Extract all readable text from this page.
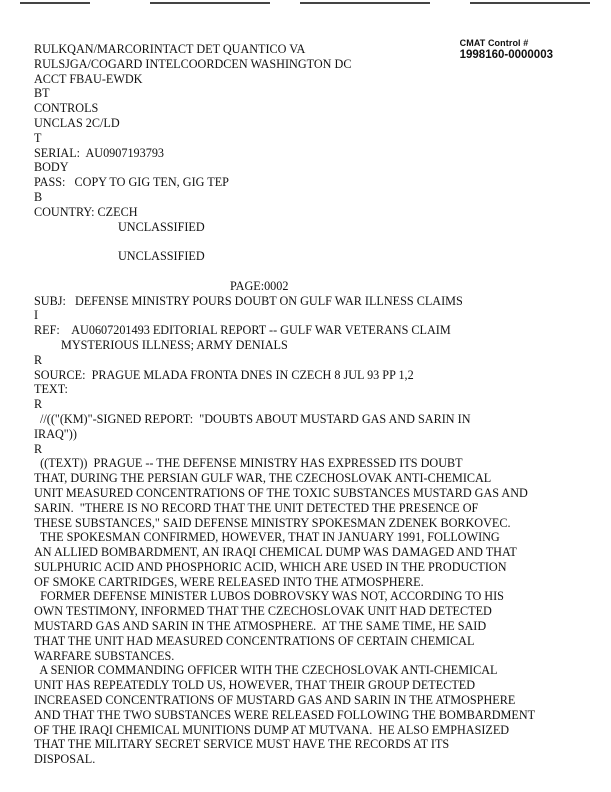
CMAT Control #
1998160-0000003
RULKQAN/MARCORINTACT DET QUANTICO VA
RULSJGA/COGARD INTELCOORDCEN WASHINGTON DC
ACCT FBAU-EWDK
BT
CONTROLS
UNCLAS 2C/LD
T
SERIAL:  AU0907193793
BODY
PASS:   COPY TO GIG TEN, GIG TEP
B
COUNTRY: CZECH
UNCLASSIFIED
UNCLASSIFIED
PAGE:0002
SUBJ:   DEFENSE MINISTRY POURS DOUBT ON GULF WAR ILLNESS CLAIMS
I
REF:    AU0607201493 EDITORIAL REPORT -- GULF WAR VETERANS CLAIM
MYSTERIOUS ILLNESS; ARMY DENIALS
R
SOURCE:  PRAGUE MLADA FRONTA DNES IN CZECH 8 JUL 93 PP 1,2
TEXT:
R
//(("(KM)"-SIGNED REPORT:  "DOUBTS ABOUT MUSTARD GAS AND SARIN IN
IRAQ"))
R
((TEXT))  PRAGUE -- THE DEFENSE MINISTRY HAS EXPRESSED ITS DOUBT
THAT, DURING THE PERSIAN GULF WAR, THE CZECHOSLOVAK ANTI-CHEMICAL
UNIT MEASURED CONCENTRATIONS OF THE TOXIC SUBSTANCES MUSTARD GAS AND
SARIN.  "THERE IS NO RECORD THAT THE UNIT DETECTED THE PRESENCE OF
THESE SUBSTANCES," SAID DEFENSE MINISTRY SPOKESMAN ZDENEK BORKOVEC.
THE SPOKESMAN CONFIRMED, HOWEVER, THAT IN JANUARY 1991, FOLLOWING
AN ALLIED BOMBARDMENT, AN IRAQI CHEMICAL DUMP WAS DAMAGED AND THAT
SULPHURIC ACID AND PHOSPHORIC ACID, WHICH ARE USED IN THE PRODUCTION
OF SMOKE CARTRIDGES, WERE RELEASED INTO THE ATMOSPHERE.
FORMER DEFENSE MINISTER LUBOS DOBROVSKY WAS NOT, ACCORDING TO HIS
OWN TESTIMONY, INFORMED THAT THE CZECHOSLOVAK UNIT HAD DETECTED
MUSTARD GAS AND SARIN IN THE ATMOSPHERE.  AT THE SAME TIME, HE SAID
THAT THE UNIT HAD MEASURED CONCENTRATIONS OF CERTAIN CHEMICAL
WARFARE SUBSTANCES.
A SENIOR COMMANDING OFFICER WITH THE CZECHOSLOVAK ANTI-CHEMICAL
UNIT HAS REPEATEDLY TOLD US, HOWEVER, THAT THEIR GROUP DETECTED
INCREASED CONCENTRATIONS OF MUSTARD GAS AND SARIN IN THE ATMOSPHERE
AND THAT THE TWO SUBSTANCES WERE RELEASED FOLLOWING THE BOMBARDMENT
OF THE IRAQI CHEMICAL MUNITIONS DUMP AT MUTVANA.  HE ALSO EMPHASIZED
THAT THE MILITARY SECRET SERVICE MUST HAVE THE RECORDS AT ITS
DISPOSAL.
